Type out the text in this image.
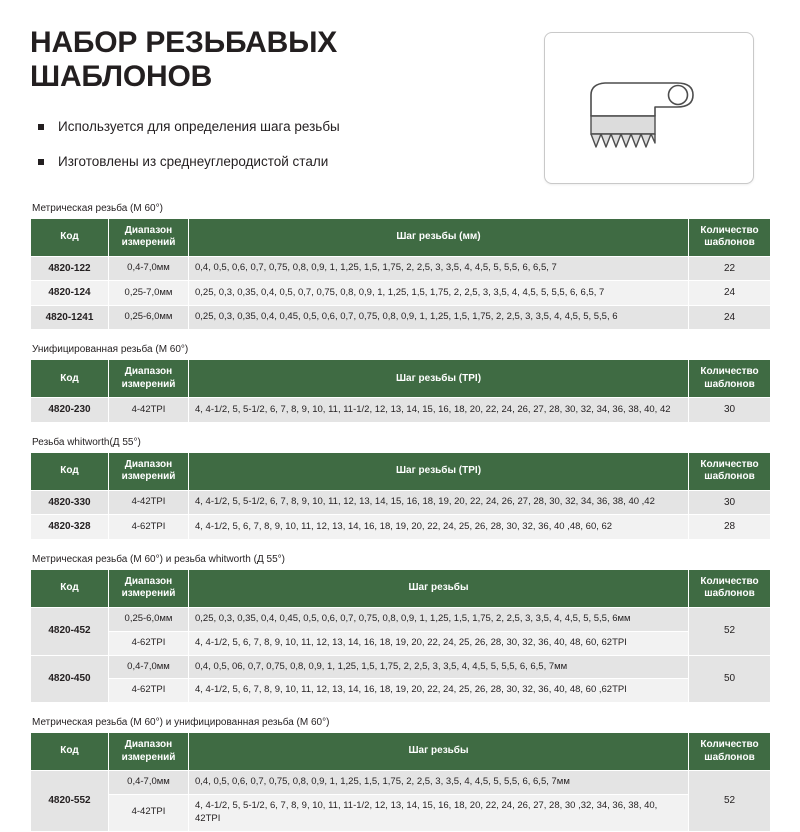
НАБОР РЕЗЬБАВЫХ ШАБЛОНОВ
Используется для определения шага резьбы
Изготовлены из среднеуглеродистой стали
Метрическая резьба (М 60°)
Код	Диапазон измерений	Шаг резьбы (мм)	Количество шаблонов
4820-122	0,4-7,0мм	0,4, 0,5, 0,6, 0,7, 0,75, 0,8, 0,9, 1, 1,25, 1,5, 1,75, 2, 2,5, 3, 3,5, 4, 4,5, 5, 5,5, 6, 6,5, 7	22
4820-124	0,25-7,0мм	0,25, 0,3, 0,35, 0,4, 0,5, 0,7, 0,75, 0,8, 0,9, 1, 1,25, 1,5, 1,75, 2, 2,5, 3, 3,5, 4, 4,5, 5, 5,5, 6, 6,5, 7	24
4820-1241	0,25-6,0мм	0,25, 0,3, 0,35, 0,4, 0,45, 0,5, 0,6, 0,7, 0,75, 0,8, 0,9, 1, 1,25, 1,5, 1,75, 2, 2,5, 3, 3,5, 4, 4,5, 5, 5,5, 6	24
Унифицированная резьба (М 60°)
Код	Диапазон измерений	Шаг резьбы (TPI)	Количество шаблонов
4820-230	4-42TPI	4, 4-1/2, 5, 5-1/2, 6, 7, 8, 9, 10, 11, 11-1/2, 12, 13, 14, 15, 16, 18, 20, 22, 24, 26, 27, 28, 30, 32, 34, 36, 38, 40, 42	30
Резьба whitworth(Д 55°)
Код	Диапазон измерений	Шаг резьбы (TPI)	Количество шаблонов
4820-330	4-42TPI	4, 4-1/2, 5, 5-1/2, 6, 7, 8, 9, 10, 11, 12, 13, 14, 15, 16, 18, 19, 20, 22, 24, 26, 27, 28, 30, 32, 34, 36, 38, 40 ,42	30
4820-328	4-62TPI	4, 4-1/2, 5, 6, 7, 8, 9, 10, 11, 12, 13, 14, 16, 18, 19, 20, 22, 24, 25, 26, 28, 30, 32, 36, 40 ,48, 60, 62	28
Метрическая резьба (М 60°) и резьба whitworth (Д 55°)
Код	Диапазон измерений	Шаг резьбы	Количество шаблонов
4820-452	0,25-6,0мм	0,25, 0,3, 0,35, 0,4, 0,45, 0,5, 0,6, 0,7, 0,75, 0,8, 0,9, 1, 1,25, 1,5, 1,75, 2, 2,5, 3, 3,5, 4, 4,5, 5, 5,5, 6мм	52
	4-62TPI	4, 4-1/2, 5, 6, 7, 8, 9, 10, 11, 12, 13, 14, 16, 18, 19, 20, 22, 24, 25, 26, 28, 30, 32, 36, 40, 48, 60, 62TPI	
4820-450	0,4-7,0мм	0,4, 0,5, 06, 0,7, 0,75, 0,8, 0,9, 1, 1,25, 1,5, 1,75, 2, 2,5, 3, 3,5, 4, 4,5, 5, 5,5, 6, 6,5, 7мм	50
	4-62TPI	4, 4-1/2, 5, 6, 7, 8, 9, 10, 11, 12, 13, 14, 16, 18, 19, 20, 22, 24, 25, 26, 28, 30, 32, 36, 40, 48, 60 ,62TPI	
Метрическая резьба (М 60°) и унифицированная резьба (М 60°)
Код	Диапазон измерений	Шаг резьбы	Количество шаблонов
4820-552	0,4-7,0мм	0,4, 0,5, 0,6, 0,7, 0,75, 0,8, 0,9, 1, 1,25, 1,5, 1,75, 2, 2,5, 3, 3,5, 4, 4,5, 5, 5,5, 6, 6,5, 7мм	52
	4-42TPI	4, 4-1/2, 5, 5-1/2, 6, 7, 8, 9, 10, 11, 11-1/2, 12, 13, 14, 15, 16, 18, 20, 22, 24, 26, 27, 28, 30 ,32, 34, 36, 38, 40, 42TPI	
